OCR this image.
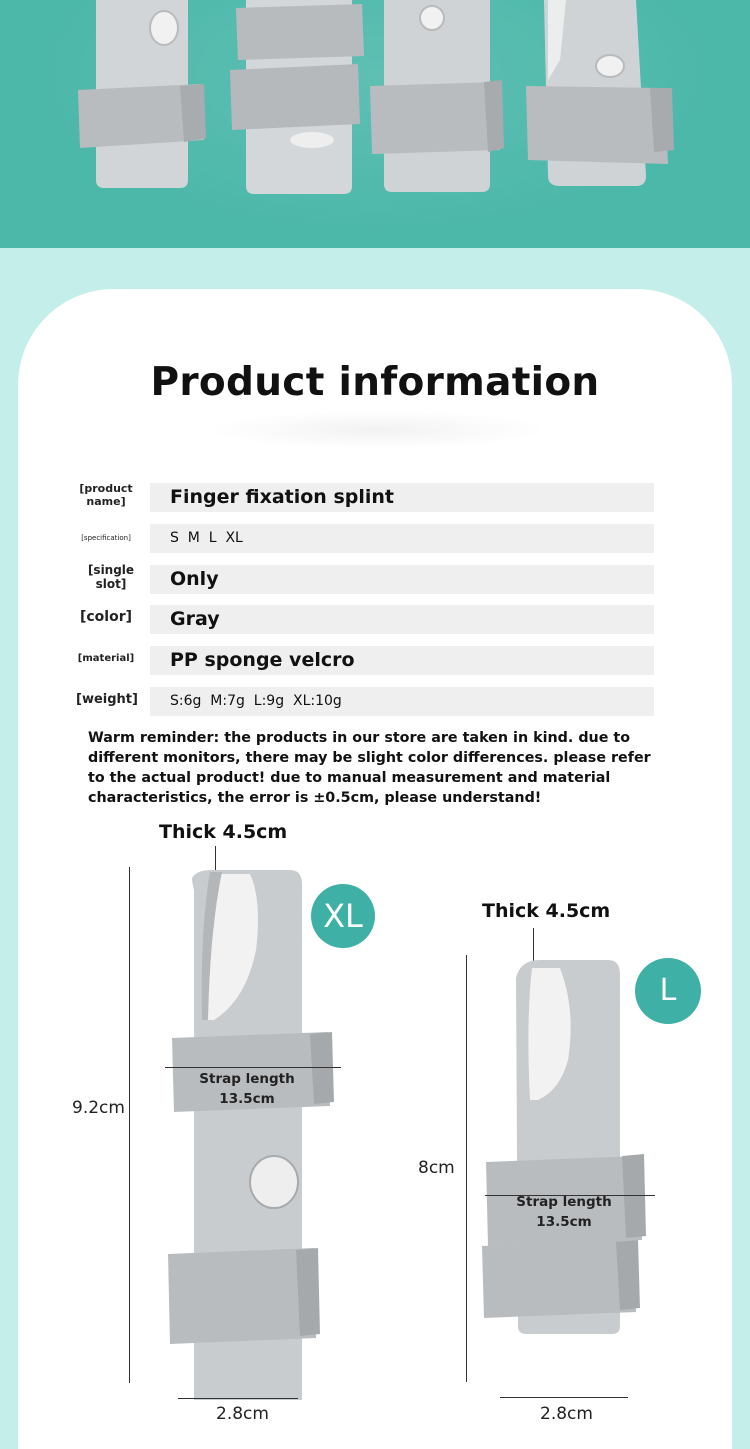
Product information
[product name]	Finger fixation splint
[specification]	S  M  L  XL
[single slot]	Only
[color] Gray
[material] PP sponge velcro
[weight] S:6g  M:7g  L:9g  XL:10g
Warm reminder: the products in our store are taken in kind. due to different monitors, there may be slight color differences. please refer to the actual product! due to manual measurement and material characteristics, the error is ±0.5cm, please understand!
Thick 4.5cm
XL
Strap length
13.5cm
9.2cm
2.8cm
Thick 4.5cm
L
Strap length
13.5cm
8cm
2.8cm
